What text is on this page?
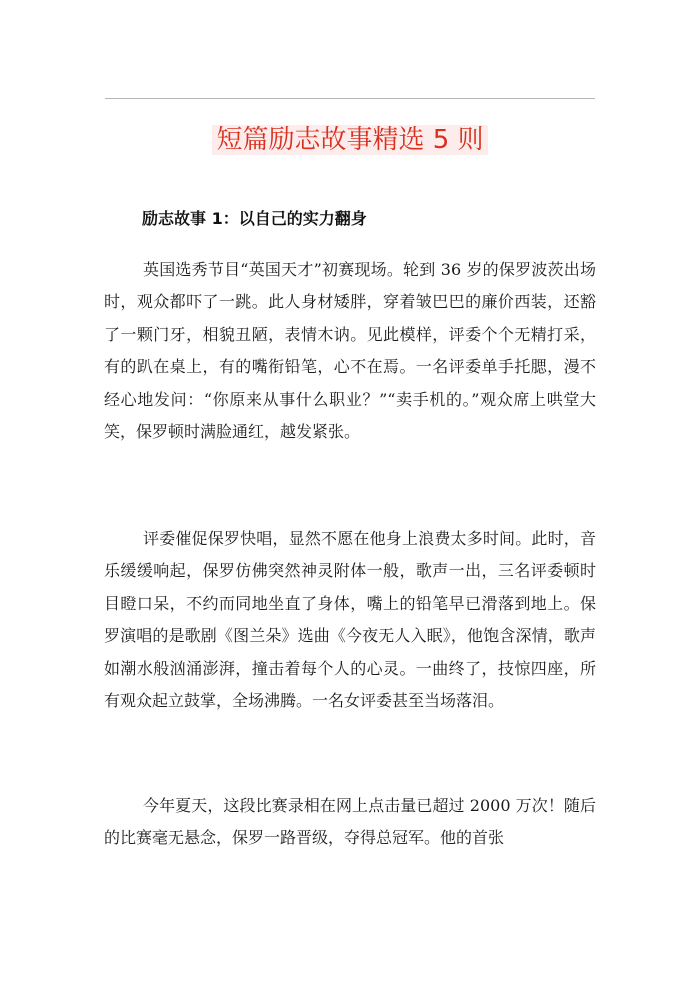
短篇励志故事精选 5 则
励志故事 1：以自己的实力翻身

英国选秀节目“英国天才”初赛现场。轮到 36 岁的保罗波茨出场时，观众都吓了一跳。此人身材矮胖，穿着皱巴巴的廉价西装，还豁了一颗门牙，相貌丑陋，表情木讷。见此模样，评委个个无精打采，有的趴在桌上，有的嘴衔铅笔，心不在焉。一名评委单手托腮，漫不经心地发问：“你原来从事什么职业？”“卖手机的。”观众席上哄堂大笑，保罗顿时满脸通红，越发紧张。

评委催促保罗快唱，显然不愿在他身上浪费太多时间。此时，音乐缓缓响起，保罗仿佛突然神灵附体一般，歌声一出，三名评委顿时目瞪口呆，不约而同地坐直了身体，嘴上的铅笔早已滑落到地上。保罗演唱的是歌剧《图兰朵》选曲《今夜无人入眠》，他饱含深情，歌声如潮水般汹涌澎湃，撞击着每个人的心灵。一曲终了，技惊四座，所有观众起立鼓掌，全场沸腾。一名女评委甚至当场落泪。

今年夏天，这段比赛录相在网上点击量已超过 2000 万次！随后的比赛毫无悬念，保罗一路晋级，夺得总冠军。他的首张
